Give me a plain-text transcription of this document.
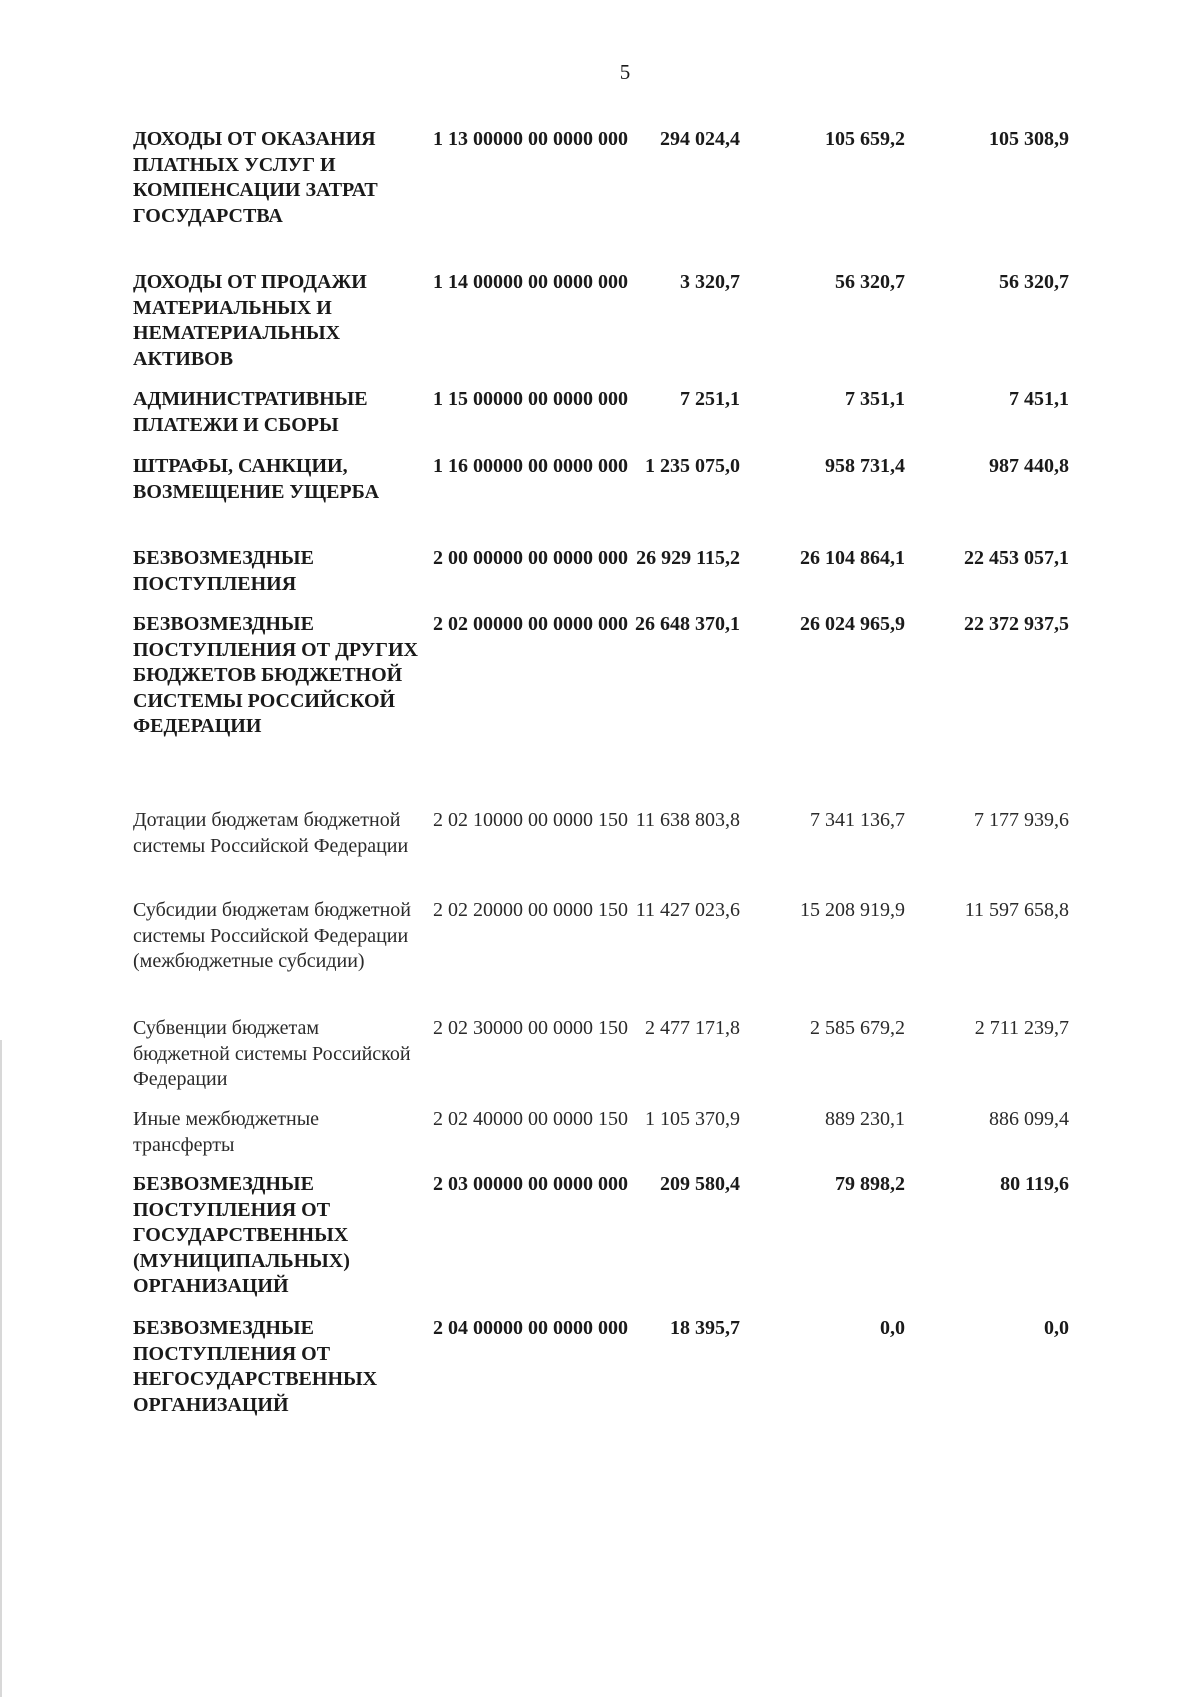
5
ДОХОДЫ ОТ ОКАЗАНИЯ ПЛАТНЫХ УСЛУГ И КОМПЕНСАЦИИ ЗАТРАТ ГОСУДАРСТВА
1 13 00000 00 0000 000	294 024,4	105 659,2	105 308,9
ДОХОДЫ ОТ ПРОДАЖИ МАТЕРИАЛЬНЫХ И НЕМАТЕРИАЛЬНЫХ АКТИВОВ
1 14 00000 00 0000 000	3 320,7	56 320,7	56 320,7
АДМИНИСТРАТИВНЫЕ ПЛАТЕЖИ И СБОРЫ
1 15 00000 00 0000 000	7 251,1	7 351,1	7 451,1
ШТРАФЫ, САНКЦИИ, ВОЗМЕЩЕНИЕ УЩЕРБА
1 16 00000 00 0000 000 1 235 075,0	958 731,4	987 440,8
БЕЗВОЗМЕЗДНЫЕ ПОСТУПЛЕНИЯ
2 00 00000 00 0000 000 26 929 115,2	26 104 864,1	22 453 057,1
БЕЗВОЗМЕЗДНЫЕ ПОСТУПЛЕНИЯ ОТ ДРУГИХ БЮДЖЕТОВ БЮДЖЕТНОЙ СИСТЕМЫ РОССИЙСКОЙ ФЕДЕРАЦИИ
2 02 00000 00 0000 000 26 648 370,1	26 024 965,9	22 372 937,5
Дотации бюджетам бюджетной системы Российской Федерации
2 02 10000 00 0000 150 11 638 803,8	7 341 136,7	7 177 939,6
Субсидии бюджетам бюджетной системы Российской Федерации (межбюджетные субсидии)
2 02 20000 00 0000 150 11 427 023,6	15 208 919,9	11 597 658,8
Субвенции бюджетам бюджетной системы Российской Федерации
2 02 30000 00 0000 150 2 477 171,8	2 585 679,2	2 711 239,7
Иные межбюджетные трансферты
2 02 40000 00 0000 150 1 105 370,9	889 230,1	886 099,4
БЕЗВОЗМЕЗДНЫЕ ПОСТУПЛЕНИЯ ОТ ГОСУДАРСТВЕННЫХ (МУНИЦИПАЛЬНЫХ) ОРГАНИЗАЦИЙ
2 03 00000 00 0000 000	209 580,4	79 898,2	80 119,6
БЕЗВОЗМЕЗДНЫЕ ПОСТУПЛЕНИЯ ОТ НЕГОСУДАРСТВЕННЫХ ОРГАНИЗАЦИЙ
2 04 00000 00 0000 000	18 395,7	0,0	0,0
